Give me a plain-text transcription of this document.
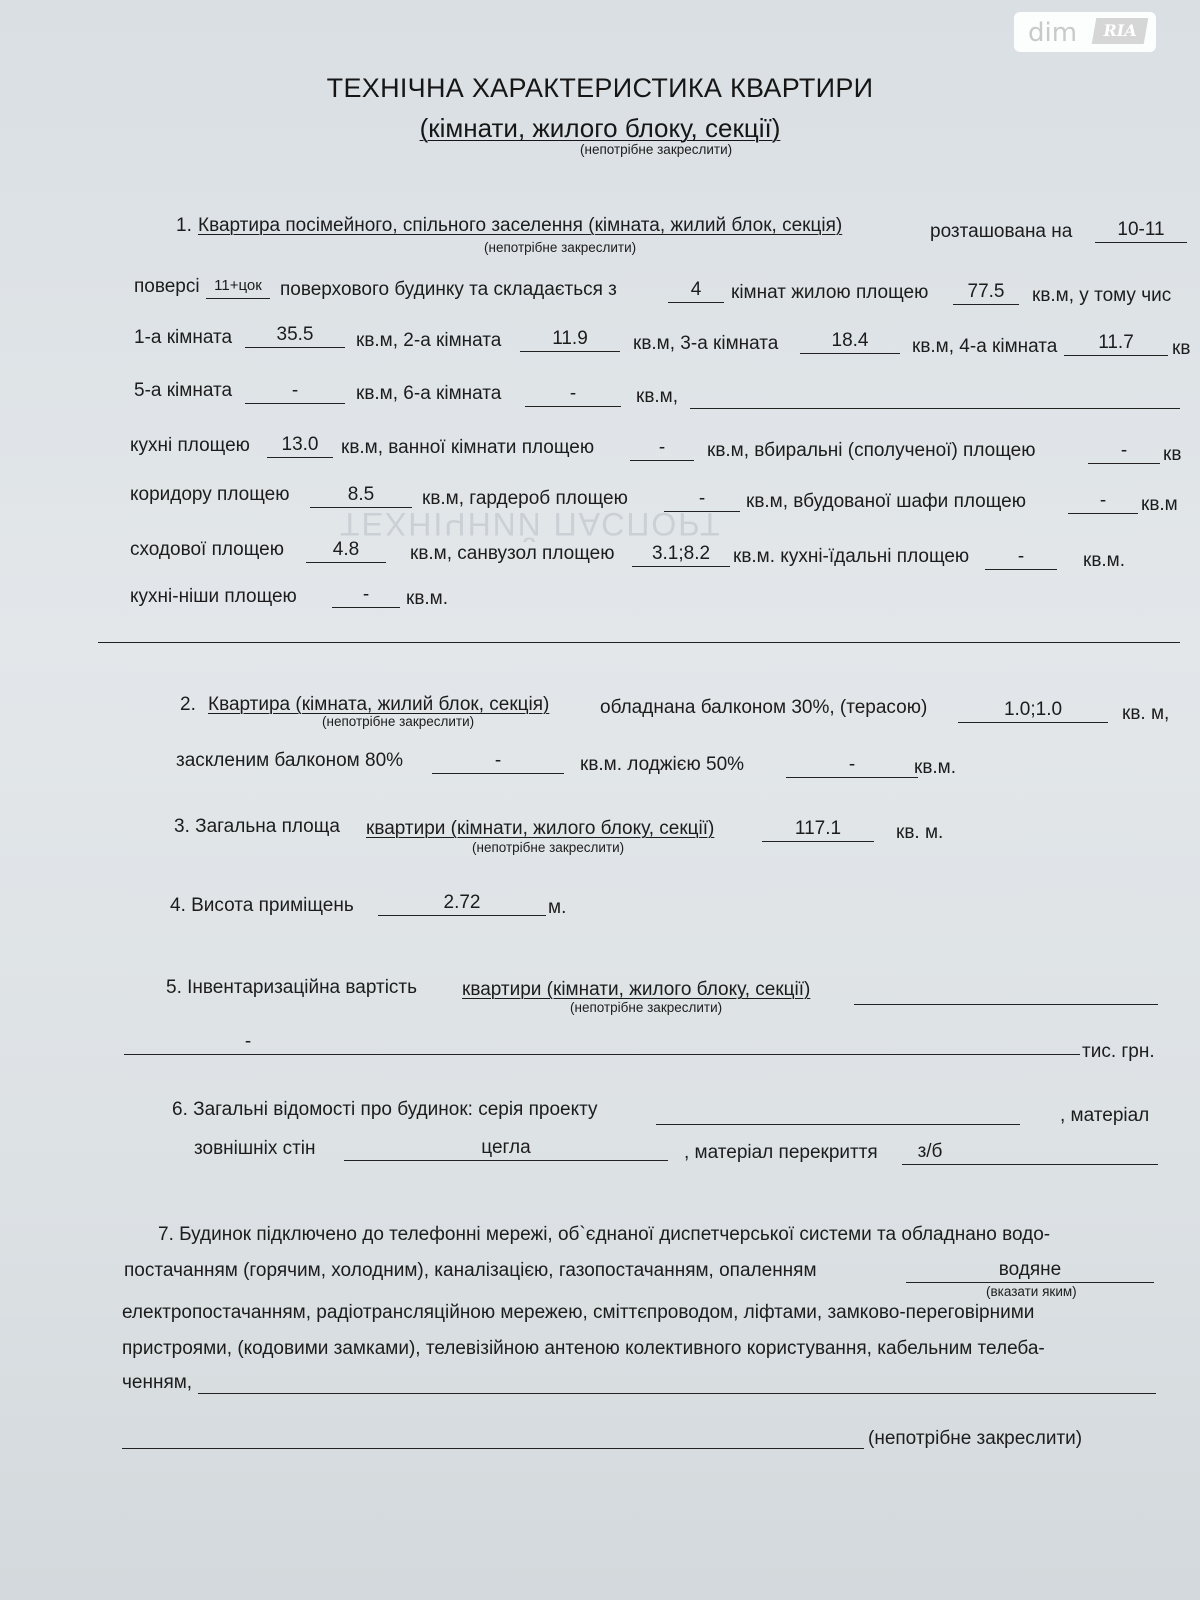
dim	RIA
ТЕХНІЧНИЙ ПАСПОРТ
ТЕХНІЧНА ХАРАКТЕРИСТИКА КВАРТИРИ
(кімнати, жилого блоку, секції)
(непотрібне закреслити)
1. Квартира посімейного, спільного заселення (кімната, жилий блок, секція)	розташована на	10-11
(непотрібне закреслити)
поверсі 11+цок поверхового будинку та складається з	4	кімнат жилою площею	77.5	кв.м, у тому чис
1-а кімната	35.5	кв.м, 2-а кімната	11.9	кв.м, 3-а кімната	18.4	кв.м, 4-а кімната	11.7	кв
5-а кімната	-	кв.м, 6-а кімната	-	кв.м,
кухні площею	13.0	кв.м, ванної кімнати площею	-	кв.м, вбиральні (сполученої) площею	-	кв
коридору площею	8.5	кв.м, гардероб площею	-	кв.м, вбудованої шафи площею	-	кв.м
сходової площею	4.8	кв.м, санвузол площею	3.1;8.2	кв.м. кухні-їдальні площею	-	кв.м.
кухні-ніши площею	-	кв.м.
2. Квартира (кімната, жилий блок, секція)	обладнана балконом 30%, (терасою)	1.0;1.0	кв. м,
(непотрібне закреслити)
заскленим балконом 80%	-	кв.м. лоджією 50%	-	кв.м.
3. Загальна площа квартири (кімнати, жилого блоку, секції)	117.1	кв. м.
(непотрібне закреслити)
4. Висота приміщень	2.72	м.
5. Інвентаризаційна вартість квартири (кімнати, жилого блоку, секції)
(непотрібне закреслити)
-	тис. грн.
6. Загальні відомості про будинок: серія проекту	, матеріал
зовнішніх стін	цегла	, матеріал перекриття	з/б
7. Будинок підключено до телефонні мережі, об`єднаної диспетчерської системи та обладнано водо-
постачанням (горячим, холодним), каналізацією, газопостачанням, опаленням	водяне
(вказати яким)
електропостачанням, радіотрансляційною мережею, сміттєпроводом, ліфтами, замково-переговірними
пристроями, (кодовими замками), телевізійною антеною колективного користування, кабельним телеба-
ченням,
(непотрібне закреслити)
